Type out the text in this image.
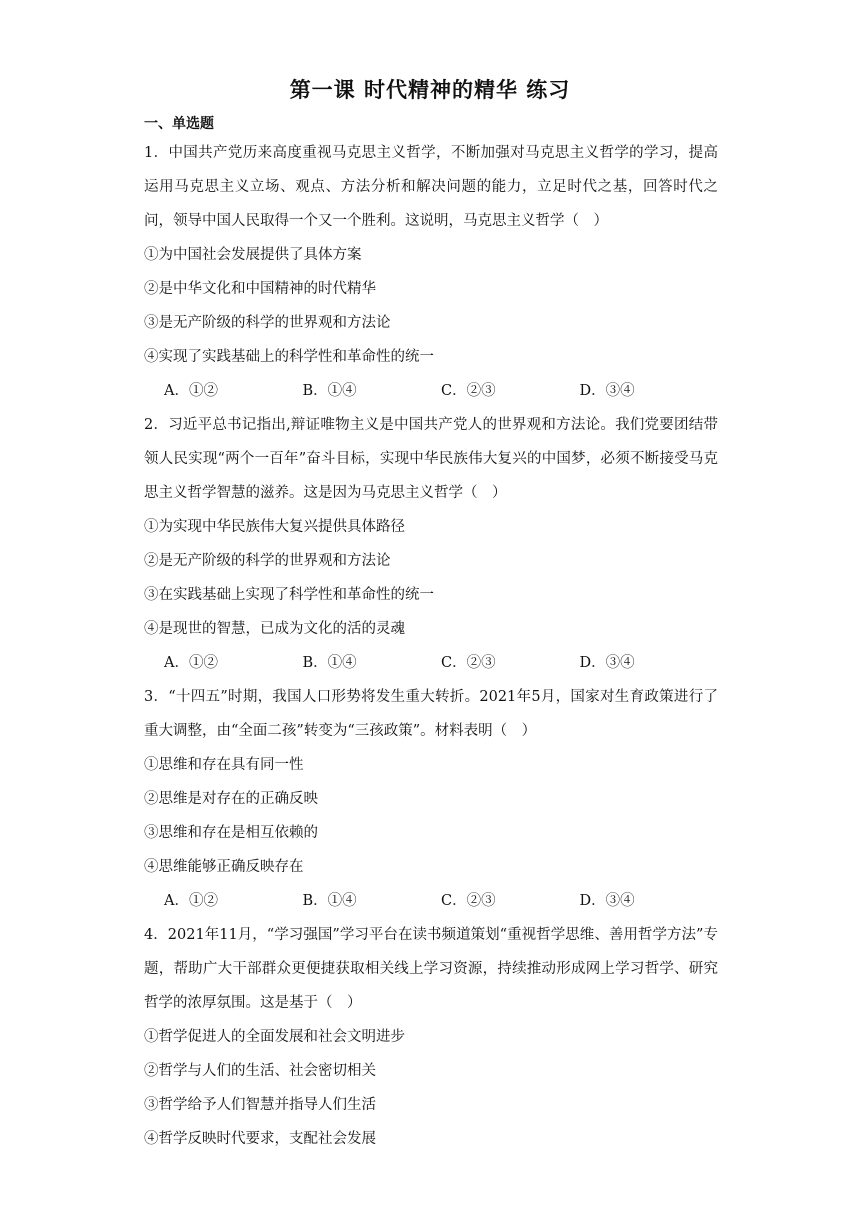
第一课 时代精神的精华 练习
一、单选题

1．中国共产党历来高度重视马克思主义哲学，不断加强对马克思主义哲学的学习，提高运用马克思主义立场、观点、方法分析和解决问题的能力，立足时代之基，回答时代之问，领导中国人民取得一个又一个胜利。这说明，马克思主义哲学（　）

①为中国社会发展提供了具体方案

②是中华文化和中国精神的时代精华

③是无产阶级的科学的世界观和方法论

④实现了实践基础上的科学性和革命性的统一

A．①②	B．①④	C．②③	D．③④

2．习近平总书记指出,辩证唯物主义是中国共产党人的世界观和方法论。我们党要团结带领人民实现“两个一百年”奋斗目标，实现中华民族伟大复兴的中国梦，必须不断接受马克思主义哲学智慧的滋养。这是因为马克思主义哲学（　）

①为实现中华民族伟大复兴提供具体路径

②是无产阶级的科学的世界观和方法论

③在实践基础上实现了科学性和革命性的统一

④是现世的智慧，已成为文化的活的灵魂

A．①②	B．①④	C．②③	D．③④

3．“十四五”时期，我国人口形势将发生重大转折。2021年5月，国家对生育政策进行了重大调整，由“全面二孩”转变为“三孩政策”。材料表明（　）

①思维和存在具有同一性

②思维是对存在的正确反映

③思维和存在是相互依赖的

④思维能够正确反映存在

A．①②	B．①④	C．②③	D．③④

4．2021年11月，“学习强国”学习平台在读书频道策划“重视哲学思维、善用哲学方法”专题，帮助广大干部群众更便捷获取相关线上学习资源，持续推动形成网上学习哲学、研究哲学的浓厚氛围。这是基于（　）

①哲学促进人的全面发展和社会文明进步

②哲学与人们的生活、社会密切相关

③哲学给予人们智慧并指导人们生活

④哲学反映时代要求，支配社会发展
